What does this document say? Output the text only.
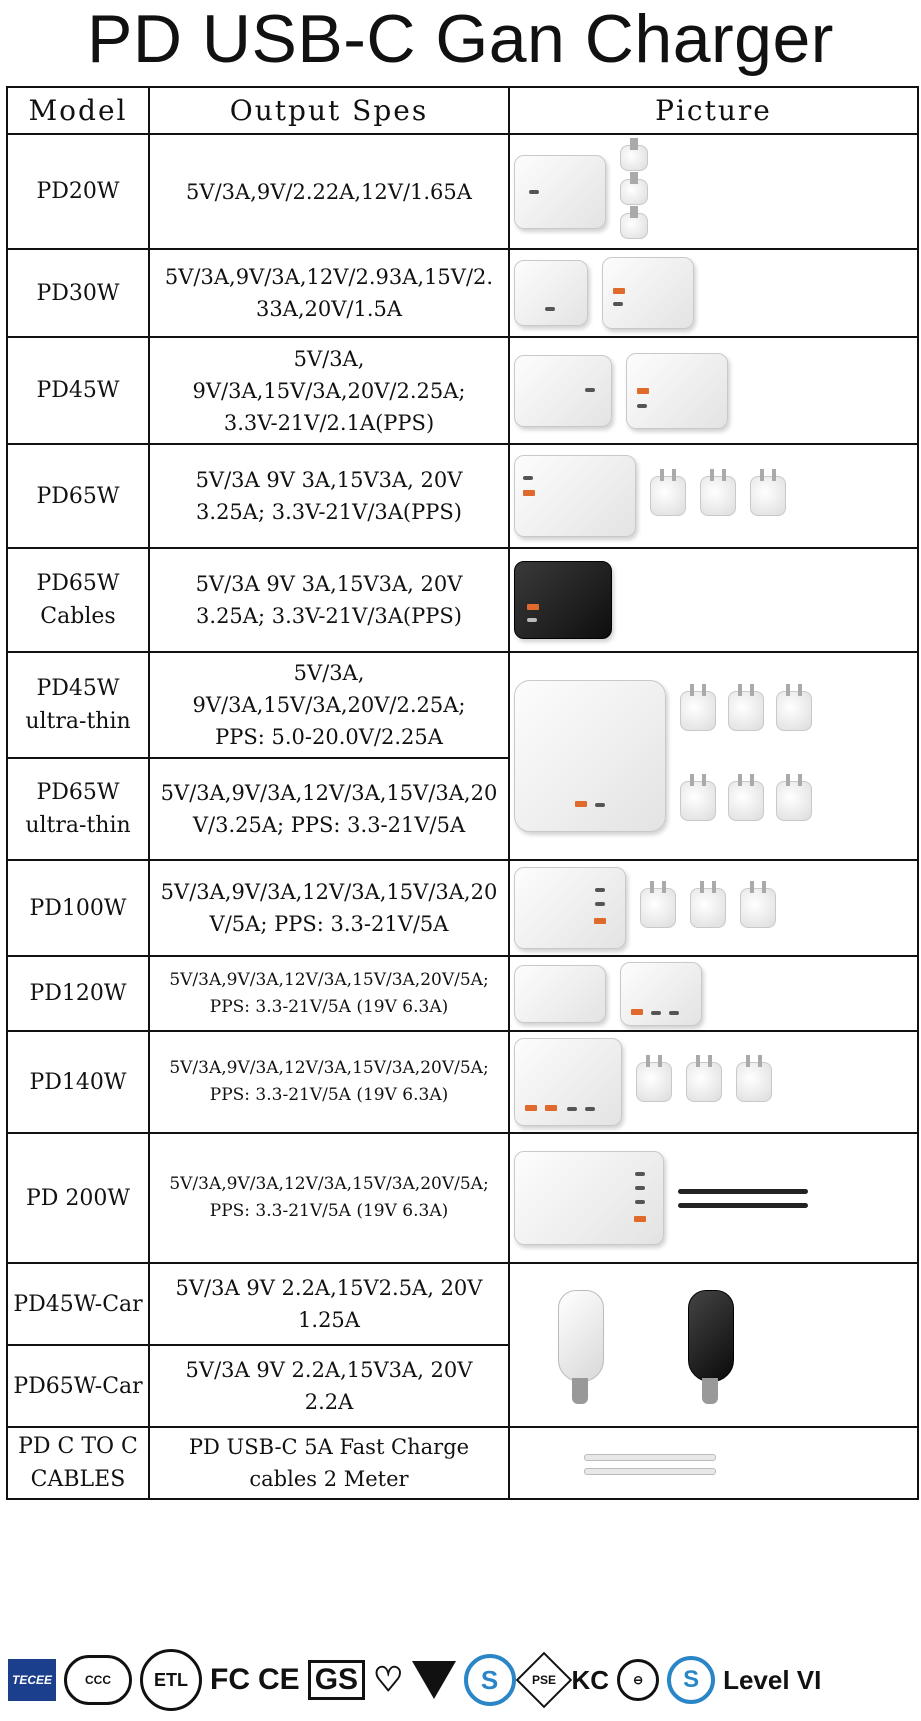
PD USB-C Gan Charger
Model	Output Spes	Picture
PD20W	5V/3A,9V/2.22A,12V/1.65A	

PD30W	5V/3A,9V/3A,12V/2.93A,15V/2.
33A,20V/1.5A	

PD45W	5V/3A,
9V/3A,15V/3A,20V/2.25A;
3.3V-21V/2.1A(PPS)	

PD65W	5V/3A 9V 3A,15V3A, 20V
3.25A; 3.3V-21V/3A(PPS)	

PD65W
Cables	5V/3A 9V 3A,15V3A, 20V
3.25A; 3.3V-21V/3A(PPS)	

PD45W
ultra-thin	5V/3A,
9V/3A,15V/3A,20V/2.25A;
PPS: 5.0-20.0V/2.25A	

PD65W
ultra-thin	5V/3A,9V/3A,12V/3A,15V/3A,20
V/3.25A; PPS: 3.3-21V/5A	
PD100W	5V/3A,9V/3A,12V/3A,15V/3A,20
V/5A; PPS: 3.3-21V/5A	

PD120W	5V/3A,9V/3A,12V/3A,15V/3A,20V/5A;
PPS: 3.3-21V/5A (19V 6.3A)	

PD140W	5V/3A,9V/3A,12V/3A,15V/3A,20V/5A;
PPS: 3.3-21V/5A (19V 6.3A)	

PD 200W	5V/3A,9V/3A,12V/3A,15V/3A,20V/5A;
PPS: 3.3-21V/5A (19V 6.3A)	

PD45W-Car	5V/3A 9V 2.2A,15V2.5A, 20V
1.25A	

PD65W-Car	5V/3A 9V 2.2A,15V3A, 20V
2.2A	
PD C TO C
CABLES	PD USB-C 5A Fast Charge
cables 2 Meter	
TECEE	CCC	ETL FC CE GS ♡	S	PSE KC	⊖	S Level VI
